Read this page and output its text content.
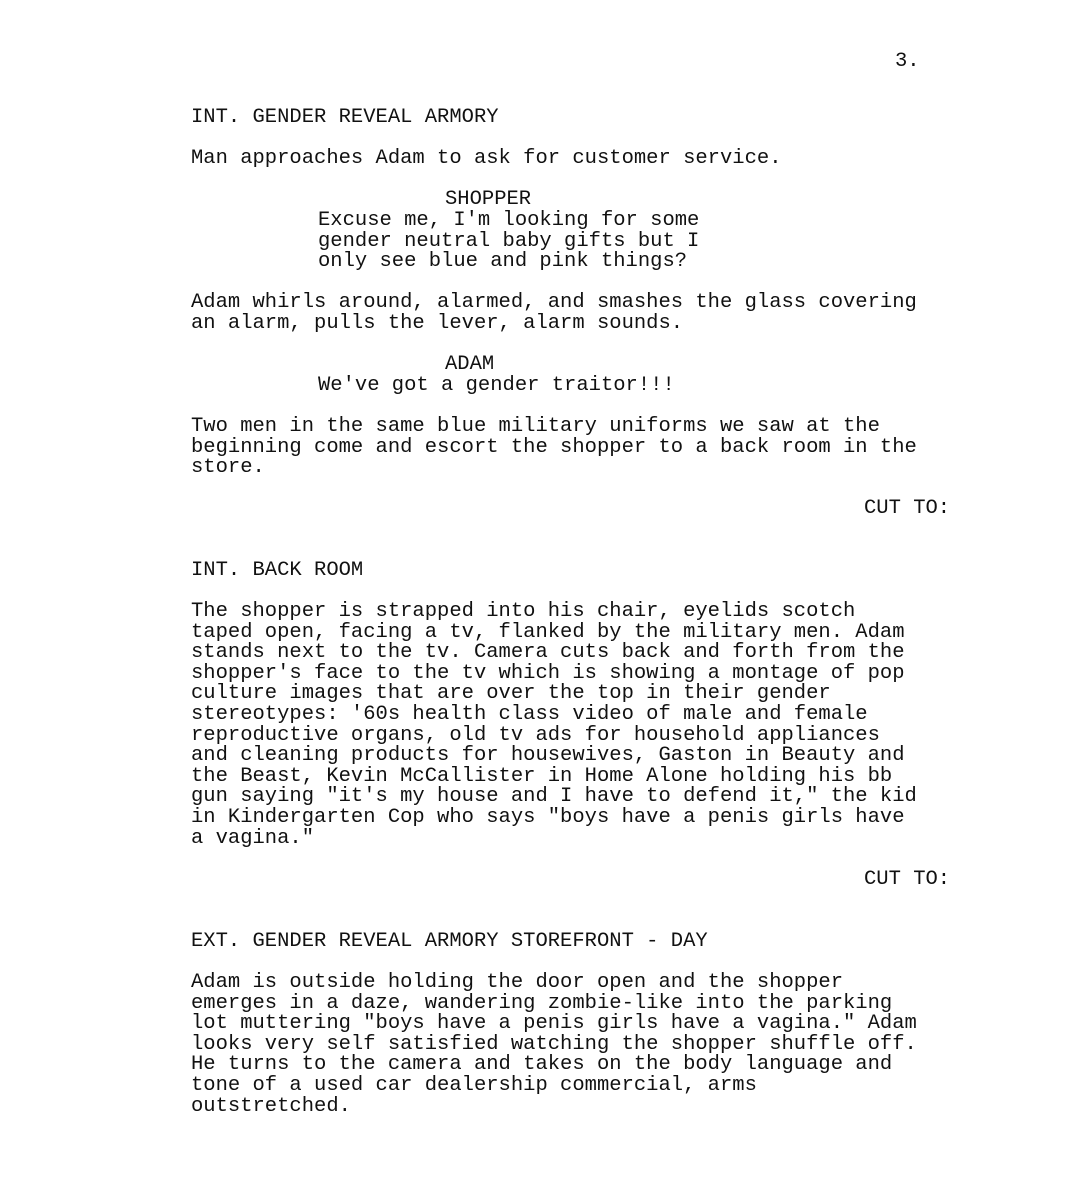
3.

INT. GENDER REVEAL ARMORY

Man approaches Adam to ask for customer service.

SHOPPER

Excuse me, I'm looking for some
gender neutral baby gifts but I
only see blue and pink things?

Adam whirls around, alarmed, and smashes the glass covering
an alarm, pulls the lever, alarm sounds.

ADAM

We've got a gender traitor!!!

Two men in the same blue military uniforms we saw at the
beginning come and escort the shopper to a back room in the
store.

CUT TO:

INT. BACK ROOM

The shopper is strapped into his chair, eyelids scotch
taped open, facing a tv, flanked by the military men. Adam
stands next to the tv. Camera cuts back and forth from the
shopper's face to the tv which is showing a montage of pop
culture images that are over the top in their gender
stereotypes: '60s health class video of male and female
reproductive organs, old tv ads for household appliances
and cleaning products for housewives, Gaston in Beauty and
the Beast, Kevin McCallister in Home Alone holding his bb
gun saying "it's my house and I have to defend it," the kid
in Kindergarten Cop who says "boys have a penis girls have
a vagina."

CUT TO:

EXT. GENDER REVEAL ARMORY STOREFRONT - DAY

Adam is outside holding the door open and the shopper
emerges in a daze, wandering zombie-like into the parking
lot muttering "boys have a penis girls have a vagina." Adam
looks very self satisfied watching the shopper shuffle off.
He turns to the camera and takes on the body language and
tone of a used car dealership commercial, arms
outstretched.
